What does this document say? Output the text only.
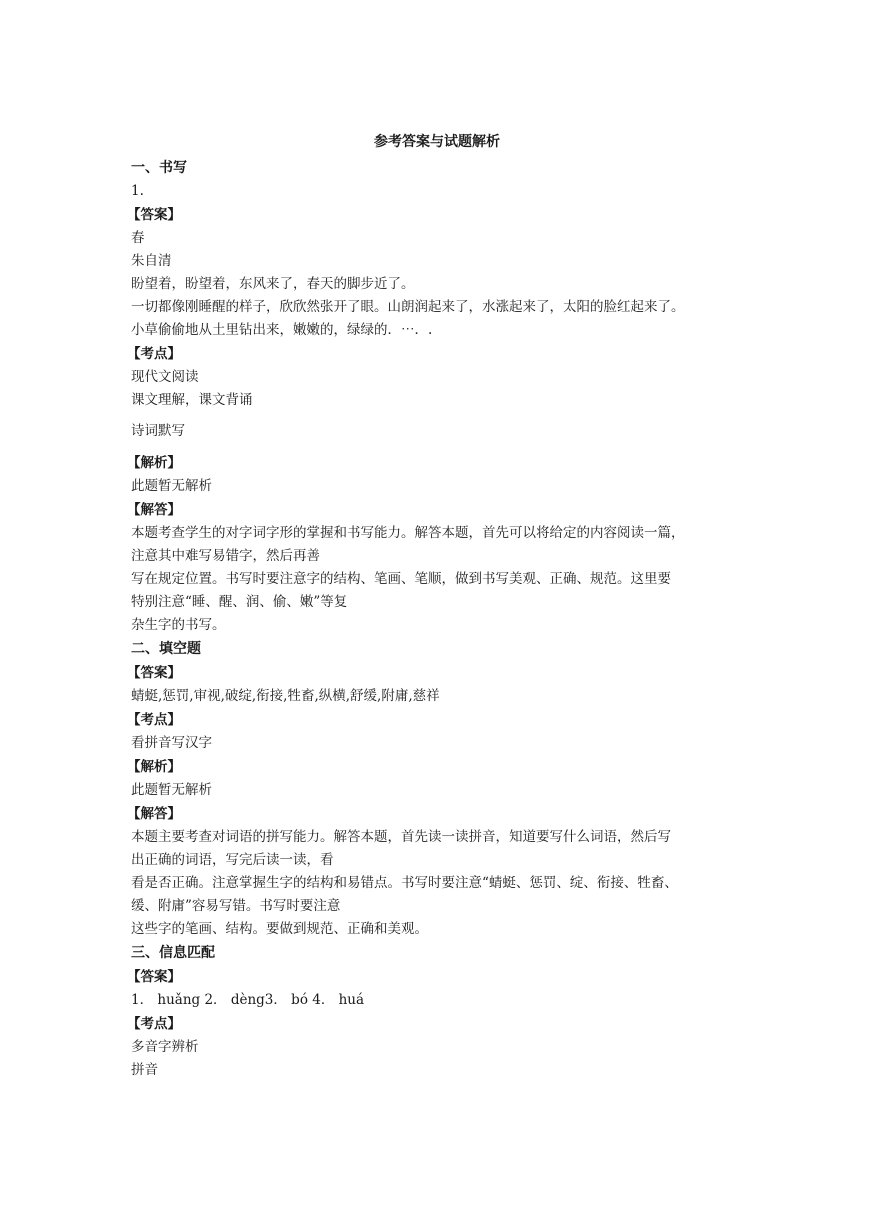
参考答案与试题解析
一、书写
1.
【答案】
春
朱自清
盼望着，盼望着，东风来了，春天的脚步近了。
一切都像刚睡醒的样子，欣欣然张开了眼。山朗润起来了，水涨起来了，太阳的脸红起来了。
小草偷偷地从土里钻出来，嫩嫩的，绿绿的．⋯．.
【考点】
现代文阅读
课文理解，课文背诵
诗词默写
【解析】
此题暂无解析
【解答】
本题考查学生的对字词字形的掌握和书写能力。解答本题，首先可以将给定的内容阅读一篇，
注意其中难写易错字，然后再善
写在规定位置。书写时要注意字的结构、笔画、笔顺，做到书写美观、正确、规范。这里要
特别注意“睡、醒、润、偷、嫩”等复
杂生字的书写。
二、填空题
【答案】
蜻蜓,惩罚,审视,破绽,衔接,牲畜,纵横,舒缓,附庸,慈祥
【考点】
看拼音写汉字
【解析】
此题暂无解析
【解答】
本题主要考查对词语的拼写能力。解答本题，首先读一读拼音，知道要写什么词语，然后写
出正确的词语，写完后读一读，看
看是否正确。注意掌握生字的结构和易错点。书写时要注意“蜻蜓、惩罚、绽、衔接、牲畜、
缓、附庸”容易写错。书写时要注意
这些字的笔画、结构。要做到规范、正确和美观。
三、信息匹配
【答案】
1． huǎng 2． dèng3． bó 4． huá
【考点】
多音字辨析
拼音
